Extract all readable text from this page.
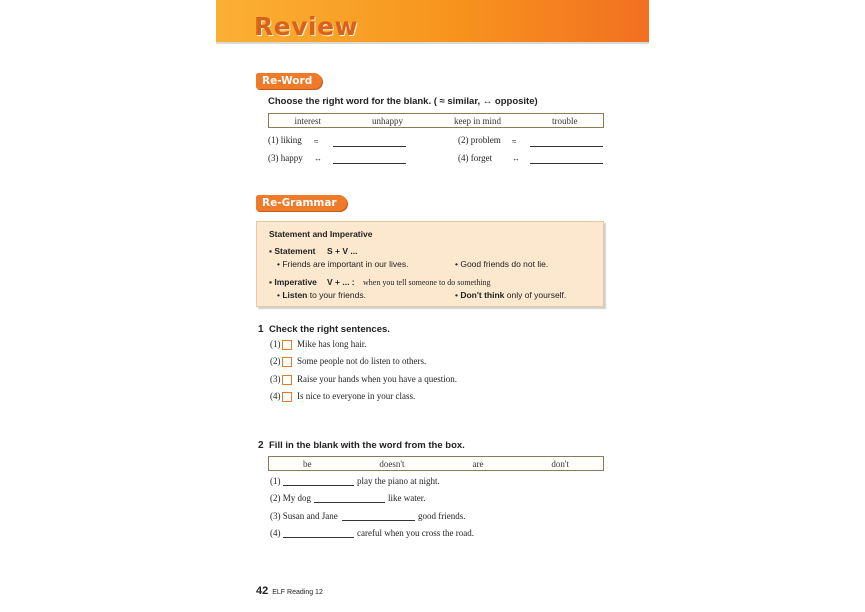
Review
Re-Word
Choose the right word for the blank. ( ≈ similar, ↔ opposite)
interest	unhappy	keep in mind	trouble
(1) liking ≈	(2) problem ≈
(3) happy ↔	(4) forget ↔
Re-Grammar
Statement and Imperative
▪ Statement S + V ...
• Friends are important in our lives.	• Good friends do not lie.
▪ Imperative V + ... : when you tell someone to do something
• Listen to your friends.	• Don't think only of yourself.
1 Check the right sentences.
(1) Mike has long hair.
(2) Some people not do listen to others.
(3) Raise your hands when you have a question.
(4) Is nice to everyone in your class.
2 Fill in the blank with the word from the box.
be	doesn't	are	don't
(1)	play the piano at night.
(2) My dog	like water.
(3) Susan and Jane	good friends.
(4)	careful when you cross the road.
42 ELF Reading 12
